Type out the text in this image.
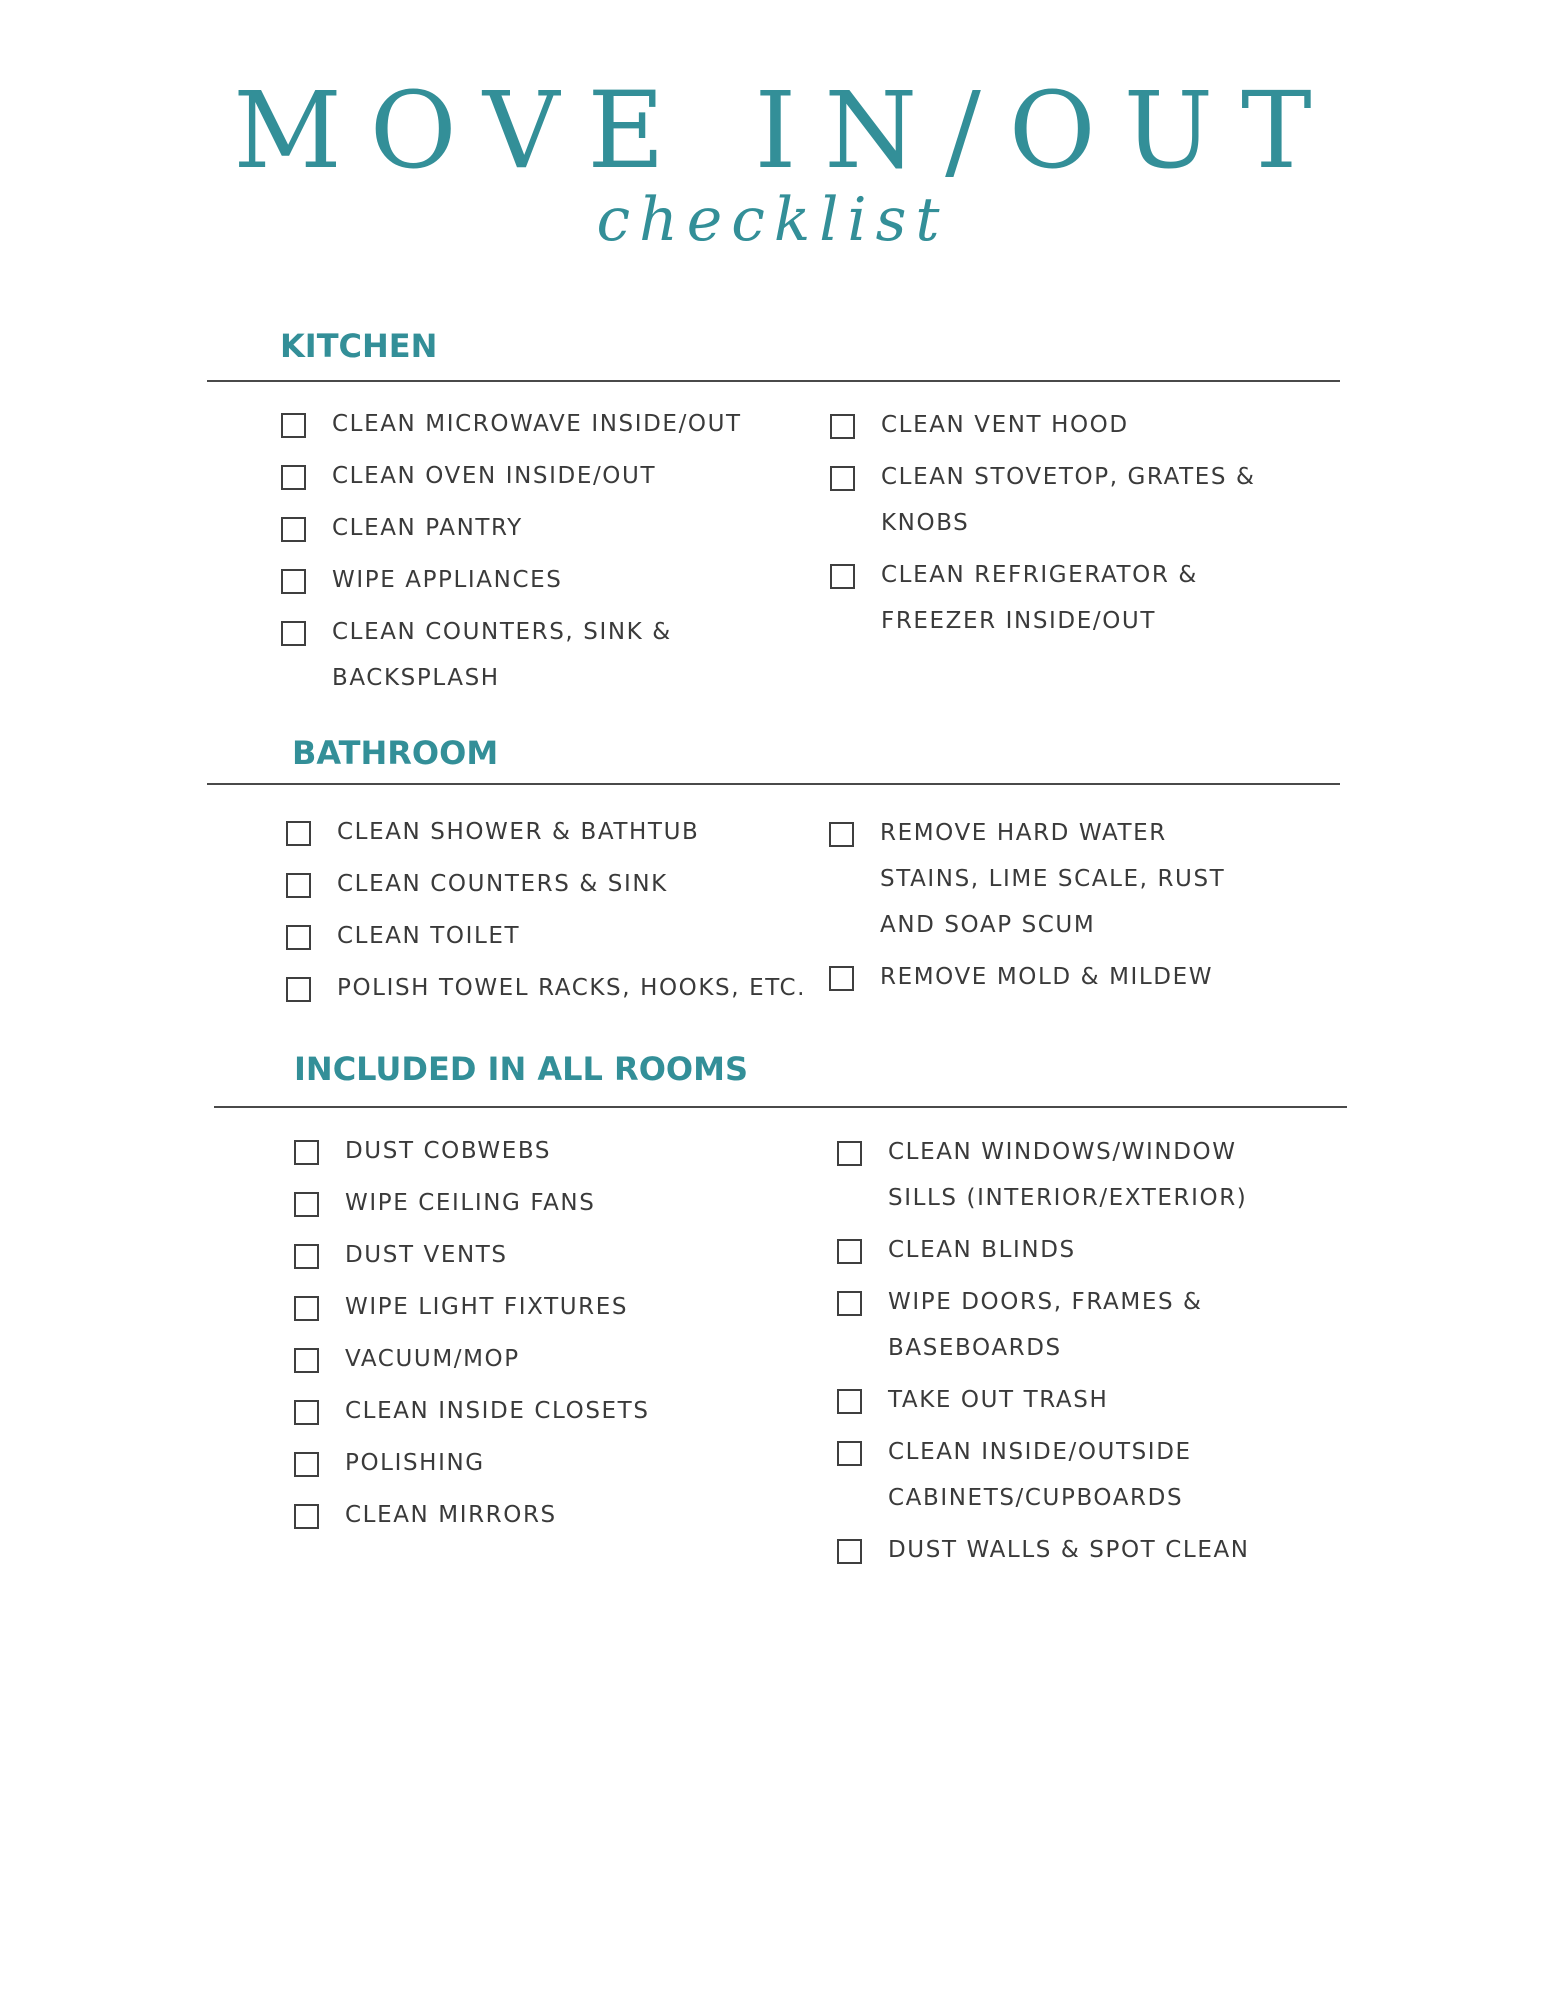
MOVE IN/OUT
checklist
KITCHEN
CLEAN MICROWAVE INSIDE/OUT
CLEAN OVEN INSIDE/OUT
CLEAN PANTRY
WIPE APPLIANCES
CLEAN COUNTERS, SINK & BACKSPLASH
CLEAN VENT HOOD
CLEAN STOVETOP, GRATES & KNOBS
CLEAN REFRIGERATOR & FREEZER INSIDE/OUT
BATHROOM
CLEAN SHOWER & BATHTUB
CLEAN COUNTERS & SINK
CLEAN TOILET
POLISH TOWEL RACKS, HOOKS, ETC.
REMOVE HARD WATER STAINS, LIME SCALE, RUST AND SOAP SCUM
REMOVE MOLD & MILDEW
INCLUDED IN ALL ROOMS
DUST COBWEBS
WIPE CEILING FANS
DUST VENTS
WIPE LIGHT FIXTURES
VACUUM/MOP
CLEAN INSIDE CLOSETS
POLISHING
CLEAN MIRRORS
CLEAN WINDOWS/WINDOW SILLS (INTERIOR/EXTERIOR)
CLEAN BLINDS
WIPE DOORS, FRAMES & BASEBOARDS
TAKE OUT TRASH
CLEAN INSIDE/OUTSIDE CABINETS/CUPBOARDS
DUST WALLS & SPOT CLEAN
